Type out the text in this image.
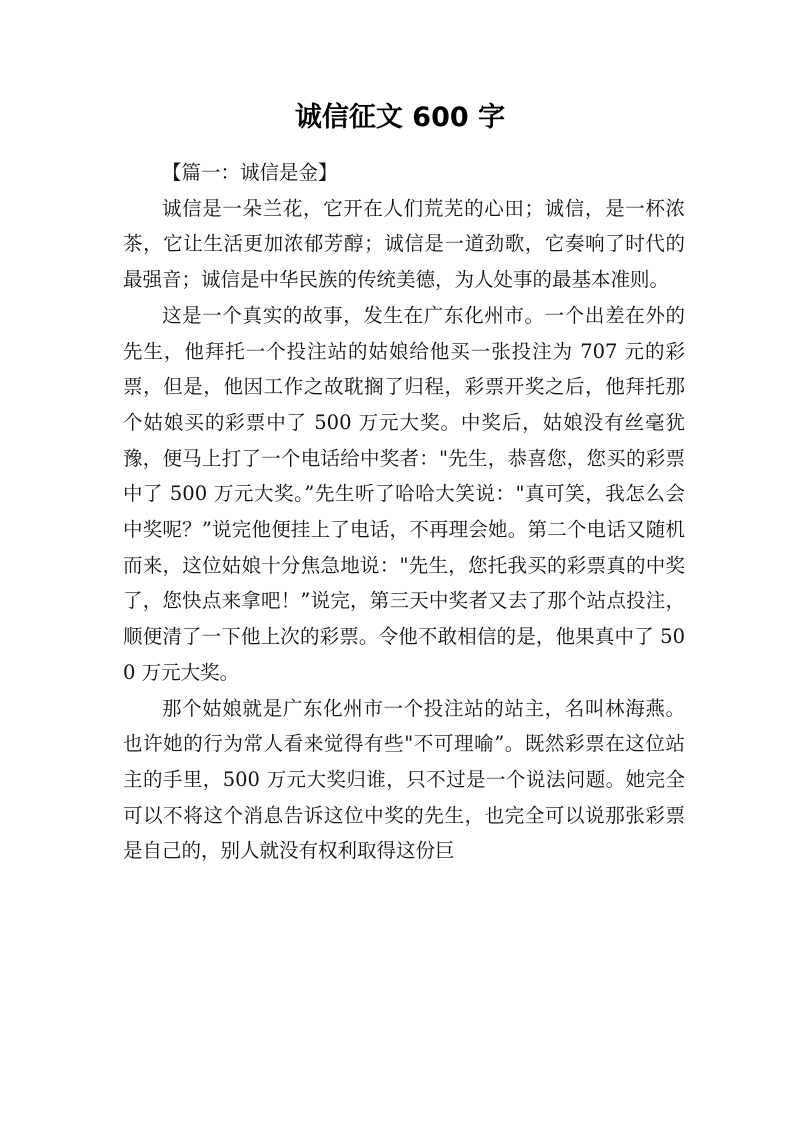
诚信征文 600 字

【篇一：诚信是金】

诚信是一朵兰花，它开在人们荒芜的心田；诚信，是一杯浓茶，它让生活更加浓郁芳醇；诚信是一道劲歌，它奏响了时代的最强音；诚信是中华民族的传统美德，为人处事的最基本准则。

这是一个真实的故事，发生在广东化州市。一个出差在外的先生，他拜托一个投注站的姑娘给他买一张投注为 707 元的彩票，但是，他因工作之故耽搁了归程，彩票开奖之后，他拜托那个姑娘买的彩票中了 500 万元大奖。中奖后，姑娘没有丝毫犹豫，便马上打了一个电话给中奖者："先生，恭喜您，您买的彩票中了 500 万元大奖。”先生听了哈哈大笑说："真可笑，我怎么会中奖呢？”说完他便挂上了电话，不再理会她。第二个电话又随机而来，这位姑娘十分焦急地说："先生，您托我买的彩票真的中奖了，您快点来拿吧！”说完，第三天中奖者又去了那个站点投注，顺便清了一下他上次的彩票。令他不敢相信的是，他果真中了 500 万元大奖。

那个姑娘就是广东化州市一个投注站的站主，名叫林海燕。也许她的行为常人看来觉得有些"不可理喻”。既然彩票在这位站主的手里，500 万元大奖归谁，只不过是一个说法问题。她完全可以不将这个消息告诉这位中奖的先生，也完全可以说那张彩票是自己的，别人就没有权利取得这份巨
